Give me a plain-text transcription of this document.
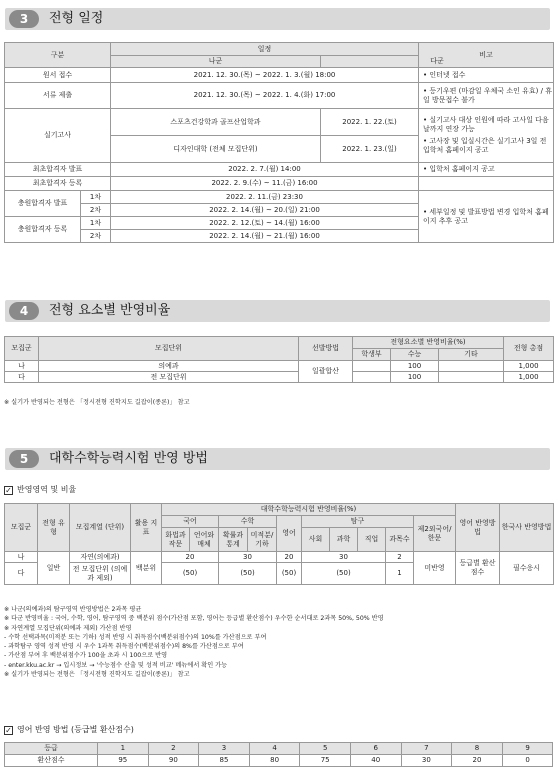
3	전형 일정
구분		일정		비고
		나군	다군	
원서 접수		2021. 12. 30.(목) ~ 2022. 1. 3.(월) 18:00		• 인터넷 접수
서류 제출		2021. 12. 30.(목) ~ 2022. 1. 4.(화) 17:00		• 등기우편 (마감일 우체국 소인 유효) / 휴일 방문접수 불가
실기고사		스포츠건강학과 골프산업학과	2022. 1. 22.(토)	• 실기고사 대상 인원에 따라 고사일 다음날까지 연장 가능
• 고사장 및 입실시간은 실기고사 3일 전 입학처 홈페이지 공고

		디자인대학 (전체 모집단위)	2022. 1. 23.(일)	
최초합격자 발표		2022. 2. 7.(월) 14:00		• 입학처 홈페이지 공고
최초합격자 등록		2022. 2. 9.(수) ~ 11.(금) 16:00		
충원합격자 발표	1차	2022. 2. 11.(금) 23:30		• 세부일정 및 발표방법 변경 입학처 홈페이지 추후 공고
	2차	2022. 2. 14.(월) ~ 20.(일) 21:00		
충원합격자 등록	1차	2022. 2. 12.(토) ~ 14.(월) 16:00		
	2차	2022. 2. 14.(월) ~ 21.(월) 16:00		
4	전형 요소별 반영비율
모집군	모집단위	선발방법	전형요소별 반영비율(%)			전형 총점
			학생부	수능	기타	
나	의예과	일괄합산		100		1,000
다	전 모집단위			100		1,000
※ 실기가 반영되는 전형은 「정시전형 진학지도 길잡이(종론)」 참고
5	대학수학능력시험 반영 방법
✓ 반영영역 및 비율
모집군	전형 유형	모집계열 (단위)	활용 지표	대학수학능력시험 반영비율(%)										영어 반영방법	한국사 반영방법
				국어		수학		영어	탐구				제2외국어/ 한문		
				화법과 작문	언어와 매체	확률과 통계	미적분/ 기하		사회	과학	직업	과목수			
나	일반	자연(의예과)	백분위	20		30		20	30			2	미반영	등급별 환산점수	필수응시
다		전 모집단위 (의예과 제외)		(50)		(50)		(50)	(50)			1			
※ 나군(의예과)의 탐구영역 반영방법은 2과목 평균
※ 다군 반영비율 : 국어, 수학, 영어, 탐구영역 중 백분위 점수(가산점 포함, 영어는 등급별 환산점수) 우수한 순서대로 2과목 50%, 50% 반영
※ 자연계열 모집단위(의예과 제외) 가산점 반영
- 수학 선택과목(미적분 또는 기하) 성적 반영 시 취득점수(백분위점수)의 10%를 가산점으로 부여
- 과학탐구 영역 성적 반영 시 우수 1과목 취득점수(백분위점수)의 8%를 가산점으로 부여
- 가산점 부여 후 백분위점수가 100을 초과 시 100으로 반영
- enter.kku.ac.kr → 입시정보 → '수능점수 산출 및 성적 비교' 메뉴에서 확인 가능
※ 실기가 반영되는 전형은 「정시전형 진학지도 길잡이(종론)」 참고
✓ 영어 반영 방법 (등급별 환산점수)
등급	1	2	3	4	5	6	7	8	9
환산점수	95	90	85	80	75	40	30	20	0
